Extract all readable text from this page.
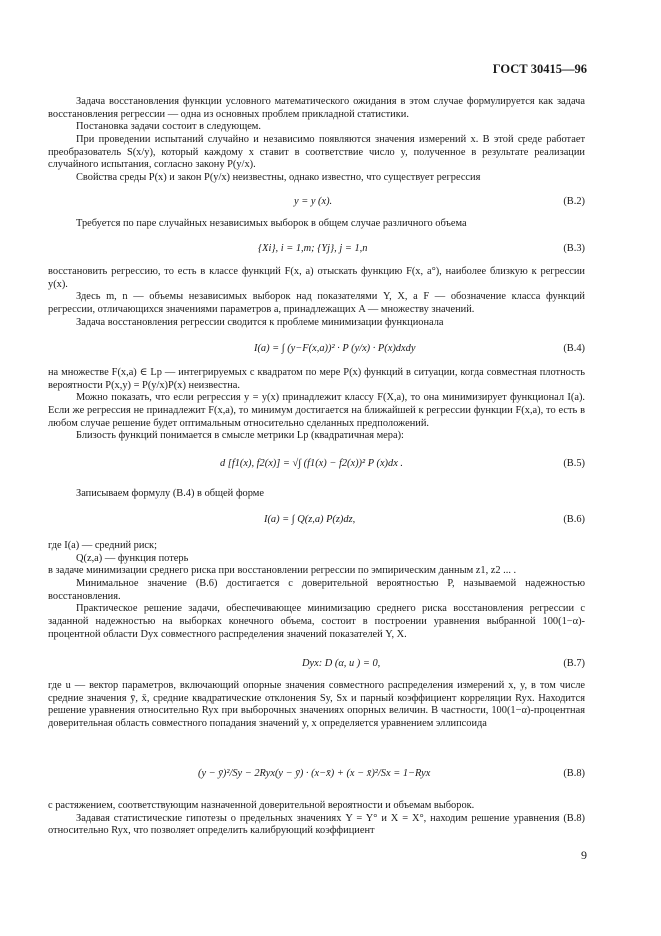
ГОСТ 30415—96

Задача восстановления функции условного математического ожидания в этом случае формулируется как задача восстановления регрессии — одна из основных проблем прикладной статистики.

Постановка задачи состоит в следующем.

При проведении испытаний случайно и независимо появляются значения измерений x. В этой среде работает преобразователь S(x/y), который каждому x ставит в соответствие число y, полученное в результате реализации случайного испытания, согласно закону P(y/x).

Свойства среды P(x) и закон P(y/x) неизвестны, однако известно, что существует регрессия

y = y (x).	(В.2)

Требуется по паре случайных независимых выборок в общем случае различного объема

{Xi}, i = 1,m; {Yj}, j = 1,n	(В.3)

восстановить регрессию, то есть в классе функций F(x, a) отыскать функцию F(x, a°), наиболее близкую к регрессии y(x).

Здесь m, n — объемы независимых выборок над показателями Y, X, а F — обозначение класса функций регрессии, отличающихся значениями параметров a, принадлежащих A — множеству значений.

Задача восстановления регрессии сводится к проблеме минимизации функционала

I(a) = ∫ (y−F(x,a))² · P (y/x) · P(x)dxdy	(В.4)

на множестве F(x,a) ∈ Lp — интегрируемых с квадратом по мере P(x) функций в ситуации, когда совместная плотность вероятности P(x,y) = P(y/x)P(x) неизвестна.

Можно показать, что если регрессия y = y(x) принадлежит классу F(X,a), то она минимизирует функционал I(a). Если же регрессия не принадлежит F(x,a), то минимум достигается на ближайшей к регрессии функции F(x,a), то есть в любом случае решение будет оптимальным относительно сделанных предположений.

Близость функций понимается в смысле метрики Lp (квадратичная мера):

d [f1(x), f2(x)] = √∫ (f1(x) − f2(x))² P (x)dx .	(В.5)

Записываем формулу (В.4) в общей форме

I(a) = ∫ Q(z,a) P(z)dz,	(В.6)

где I(a) — средний риск;

Q(z,a) — функция потерь

в задаче минимизации среднего риска при восстановлении регрессии по эмпирическим данным z1, z2 ... .

Минимальное значение (В.6) достигается с доверительной вероятностью P, называемой надежностью восстановления.

Практическое решение задачи, обеспечивающее минимизацию среднего риска восстановления регрессии с заданной надежностью на выборках конечного объема, состоит в построении уравнения выбранной 100(1−α)-процентной области Dyx совместного распределения значений показателей Y, X.

Dyx: D (α, u ) = 0,	(В.7)

где u — вектор параметров, включающий опорные значения совместного распределения измерений x, y, в том числе средние значения ȳ, x̄, средние квадратические отклонения Sy, Sx и парный коэффициент корреляции Ryx. Находится решение уравнения относительно Ryx при выборочных значениях опорных величин. В частности, 100(1−α)-процентная доверительная область совместного попадания значений y, x определяется уравнением эллипсоида

(y − ȳ)²/Sy − 2Ryx(y − ȳ) · (x−x̄) + (x − x̄)²/Sx = 1−Ryx	(В.8)

с растяжением, соответствующим назначенной доверительной вероятности и объемам выборок.

Задавая статистические гипотезы о предельных значениях Y = Y° и X = X°, находим решение уравнения (В.8) относительно Ryx, что позволяет определить калибрующий коэффициент

9
